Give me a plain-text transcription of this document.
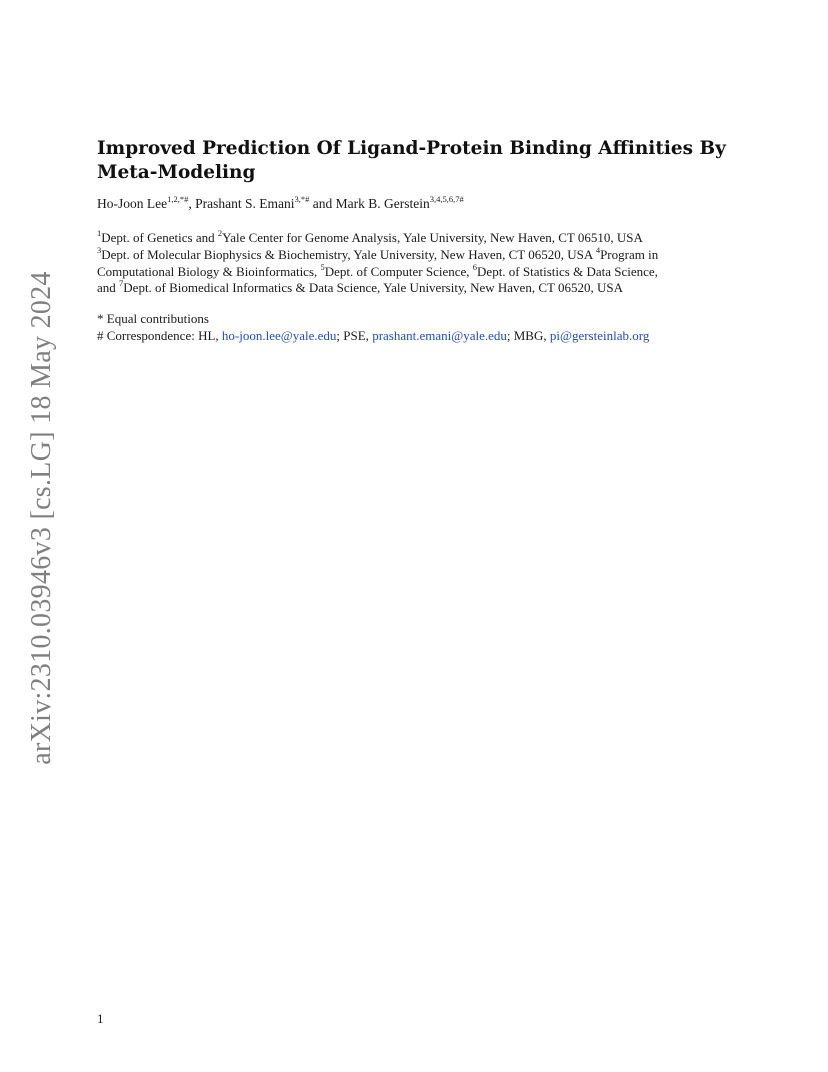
arXiv:2310.03946v3 [cs.LG] 18 May 2024
Improved Prediction Of Ligand-Protein Binding Affinities By Meta-Modeling
Ho-Joon Lee$^{1,2,*\#}$, Prashant S. Emani$^{3,*\#}$ and Mark B. Gerstein$^{3,4,5,6,7\#}$
$^1$Dept. of Genetics and $^2$Yale Center for Genome Analysis, Yale University, New Haven, CT 06510, USA
$^3$Dept. of Molecular Biophysics & Biochemistry, Yale University, New Haven, CT 06520, USA $^4$Program in
Computational Biology & Bioinformatics, $^5$Dept. of Computer Science, $^6$Dept. of Statistics & Data Science,
and $^7$Dept. of Biomedical Informatics & Data Science, Yale University, New Haven, CT 06520, USA
* Equal contributions
# Correspondence: HL, ho-joon.lee@yale.edu; PSE, prashant.emani@yale.edu; MBG, pi@gersteinlab.org
1
